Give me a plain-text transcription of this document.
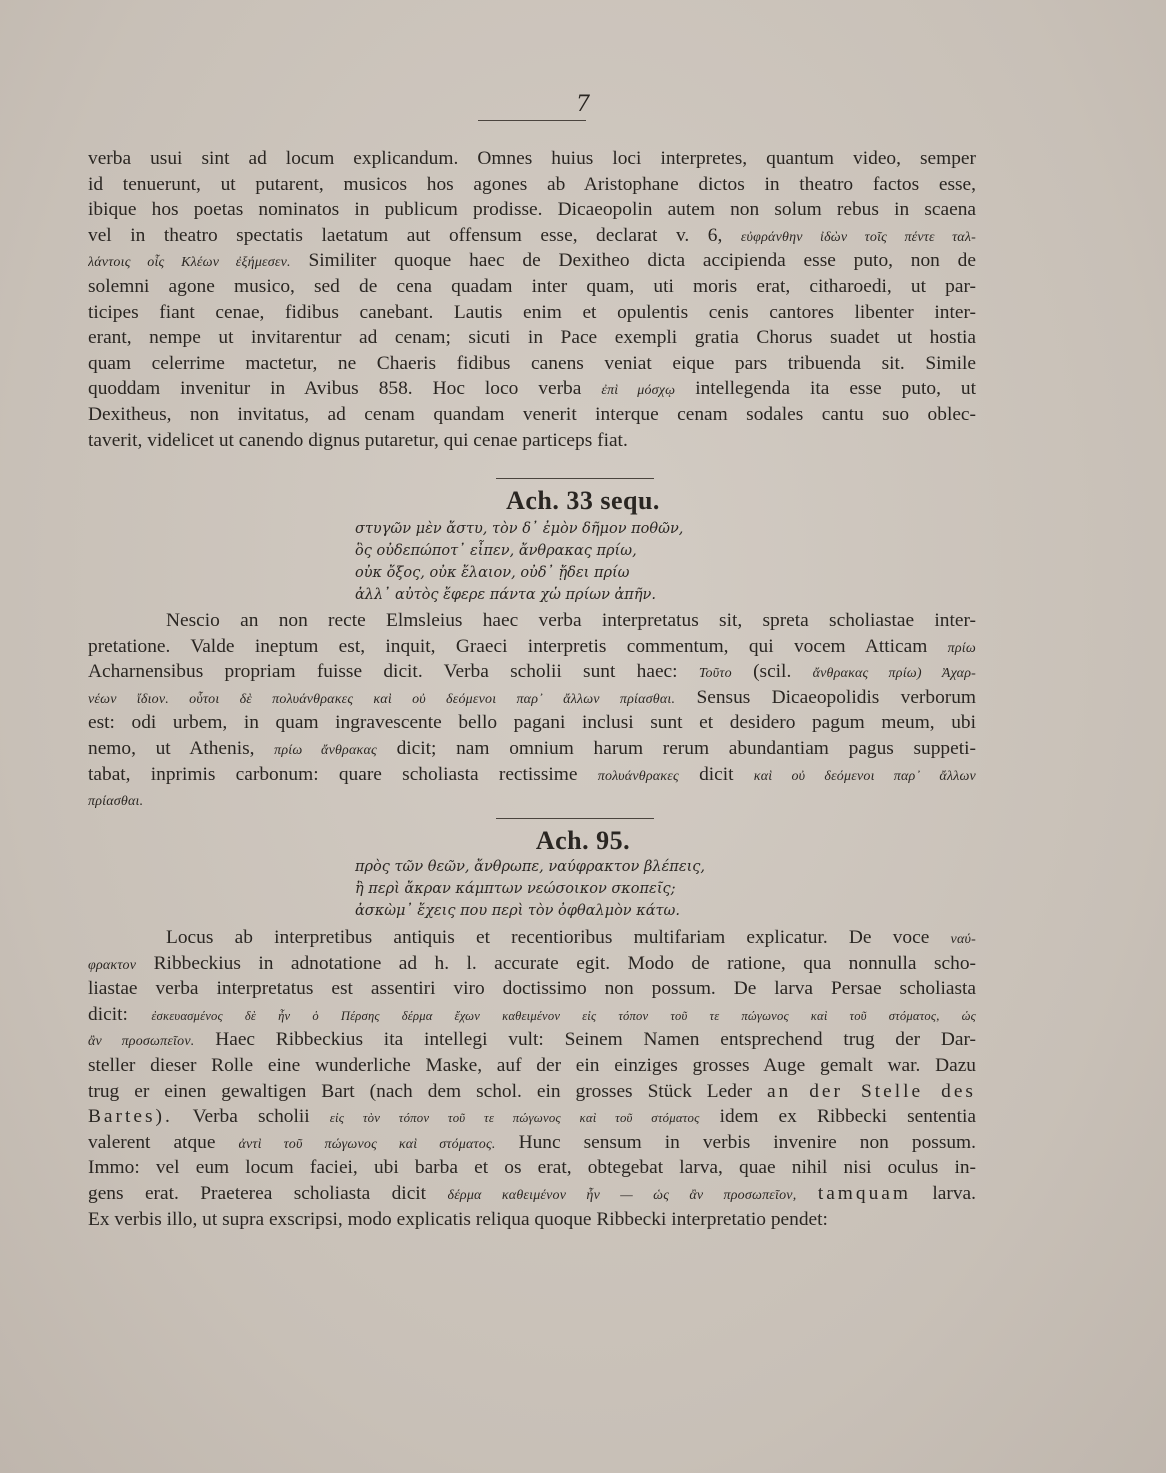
7
verba usui sint ad locum explicandum. Omnes huius loci interpretes, quantum video, semper
id tenuerunt, ut putarent, musicos hos agones ab Aristophane dictos in theatro factos esse,
ibique hos poetas nominatos in publicum prodisse. Dicaeopolin autem non solum rebus in scaena
vel in theatro spectatis laetatum aut offensum esse, declarat v. 6, εὐφράνθην ἰδὼν τοῖς πέντε ταλ-
λάντοις οἷς Κλέων ἐξήμεσεν. Similiter quoque haec de Dexitheo dicta accipienda esse puto, non de
solemni agone musico, sed de cena quadam inter quam, uti moris erat, citharoedi, ut par-
ticipes fiant cenae, fidibus canebant. Lautis enim et opulentis cenis cantores libenter inter-
erant, nempe ut invitarentur ad cenam; sicuti in Pace exempli gratia Chorus suadet ut hostia
quam celerrime mactetur, ne Chaeris fidibus canens veniat eique pars tribuenda sit. Simile
quoddam invenitur in Avibus 858. Hoc loco verba ἐπὶ μόσχῳ intellegenda ita esse puto, ut
Dexitheus, non invitatus, ad cenam quandam venerit interque cenam sodales cantu suo oblec-
taverit, videlicet ut canendo dignus putaretur, qui cenae particeps fiat.
Ach. 33 sequ.
στυγῶν μὲν ἄστυ, τὸν δ᾽ ἐμὸν δῆμον ποθῶν,
ὃς οὐδεπώποτ᾽ εἶπεν, ἄνθρακας πρίω,
οὐκ ὄξος, οὐκ ἔλαιον, οὐδ᾽ ᾔδει πρίω
ἀλλ᾽ αὐτὸς ἔφερε πάντα χὡ πρίων ἀπῆν.
Nescio an non recte Elmsleius haec verba interpretatus sit, spreta scholiastae inter-
pretatione. Valde ineptum est, inquit, Graeci interpretis commentum, qui vocem Atticam πρίω
Acharnensibus propriam fuisse dicit. Verba scholii sunt haec: Τοῦτο (scil. ἄνθρακας πρίω) Ἀχαρ-
νέων ἴδιον. οὗτοι δὲ πολυάνθρακες καὶ οὐ δεόμενοι παρ᾽ ἄλλων πρίασθαι. Sensus Dicaeopolidis verborum
est: odi urbem, in quam ingravescente bello pagani inclusi sunt et desidero pagum meum, ubi
nemo, ut Athenis, πρίω ἄνθρακας dicit; nam omnium harum rerum abundantiam pagus suppeti-
tabat, inprimis carbonum: quare scholiasta rectissime πολυάνθρακες dicit καὶ οὐ δεόμενοι παρ᾽ ἄλλων
πρίασθαι.
Ach. 95.
πρὸς τῶν θεῶν, ἄνθρωπε, ναύφρακτον βλέπεις,
ἢ περὶ ἄκραν κάμπτων νεώσοικον σκοπεῖς;
ἀσκὼμ᾽ ἔχεις που περὶ τὸν ὀφθαλμὸν κάτω.
Locus ab interpretibus antiquis et recentioribus multifariam explicatur. De voce ναύ-
φρακτον Ribbeckius in adnotatione ad h. l. accurate egit. Modo de ratione, qua nonnulla scho-
liastae verba interpretatus est assentiri viro doctissimo non possum. De larva Persae scholiasta
dicit: ἐσκευασμένος δὲ ἦν ὁ Πέρσης δέρμα ἔχων καθειμένον εἰς τόπον τοῦ τε πώγωνος καὶ τοῦ στόματος, ὡς
ἂν προσωπεῖον. Haec Ribbeckius ita intellegi vult: Seinem Namen entsprechend trug der Dar-
steller dieser Rolle eine wunderliche Maske, auf der ein einziges grosses Auge gemalt war. Dazu
trug er einen gewaltigen Bart (nach dem schol. ein grosses Stück Leder an der Stelle des
Bartes). Verba scholii εἰς τὸν τόπον τοῦ τε πώγωνος καὶ τοῦ στόματος idem ex Ribbecki sententia
valerent atque ἀντὶ τοῦ πώγωνος καὶ στόματος. Hunc sensum in verbis invenire non possum.
Immo: vel eum locum faciei, ubi barba et os erat, obtegebat larva, quae nihil nisi oculus in-
gens erat. Praeterea scholiasta dicit δέρμα καθειμένον ἦν — ὡς ἂν προσωπεῖον, tamquam larva.
Ex verbis illo, ut supra exscripsi, modo explicatis reliqua quoque Ribbecki interpretatio pendet:
